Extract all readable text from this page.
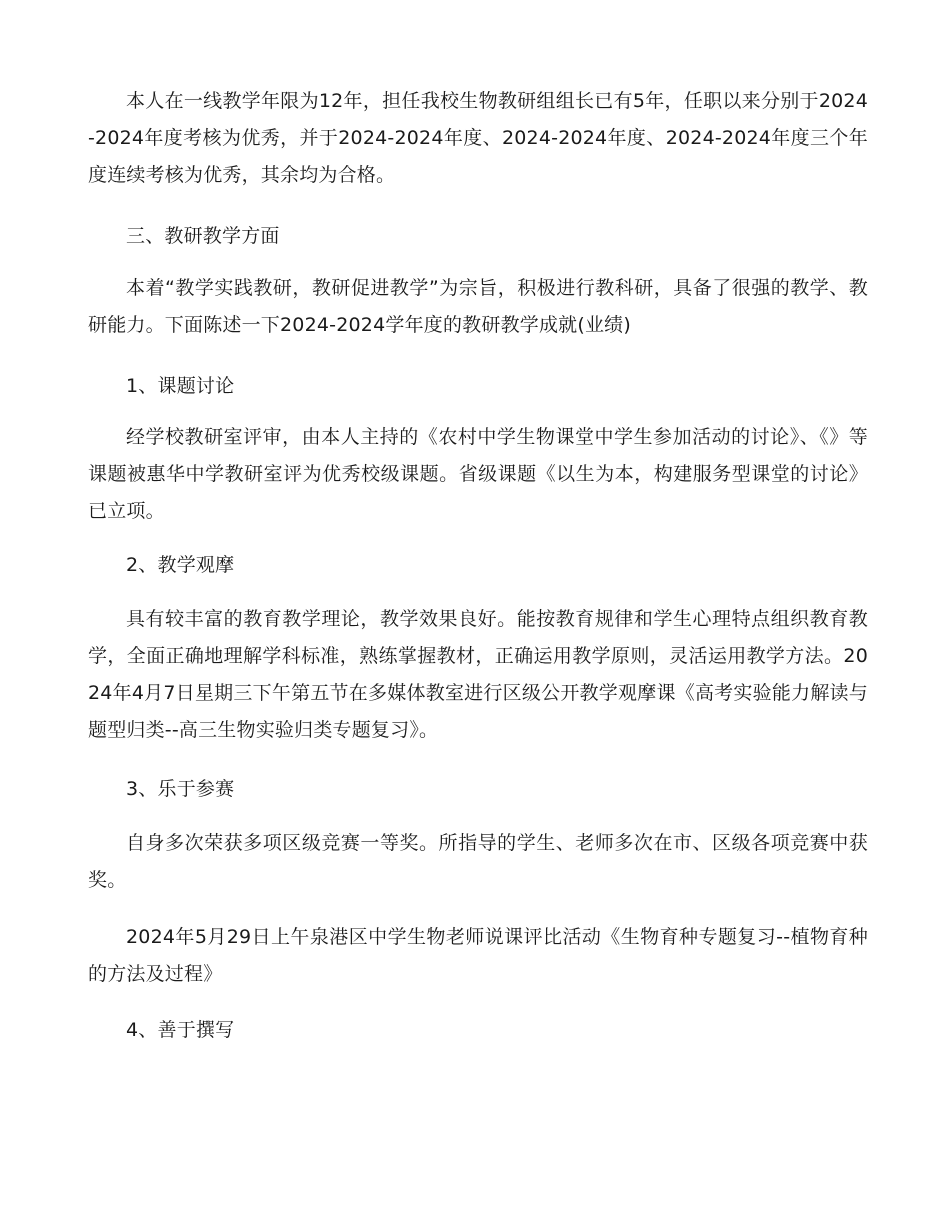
本人在一线教学年限为12年，担任我校生物教研组组长已有5年，任职以来分别于2024-2024年度考核为优秀，并于2024-2024年度、2024-2024年度、2024-2024年度三个年度连续考核为优秀，其余均为合格。

三、教研教学方面

本着“教学实践教研，教研促进教学”为宗旨，积极进行教科研，具备了很强的教学、教研能力。下面陈述一下2024-2024学年度的教研教学成就(业绩)

1、课题讨论

经学校教研室评审，由本人主持的《农村中学生物课堂中学生参加活动的讨论》、《》等课题被惠华中学教研室评为优秀校级课题。省级课题《以生为本，构建服务型课堂的讨论》已立项。

2、教学观摩

具有较丰富的教育教学理论，教学效果良好。能按教育规律和学生心理特点组织教育教学，全面正确地理解学科标准，熟练掌握教材，正确运用教学原则，灵活运用教学方法。2024年4月7日星期三下午第五节在多媒体教室进行区级公开教学观摩课《高考实验能力解读与题型归类--高三生物实验归类专题复习》。

3、乐于参赛

自身多次荣获多项区级竞赛一等奖。所指导的学生、老师多次在市、区级各项竞赛中获奖。

2024年5月29日上午泉港区中学生物老师说课评比活动《生物育种专题复习--植物育种的方法及过程》

4、善于撰写
